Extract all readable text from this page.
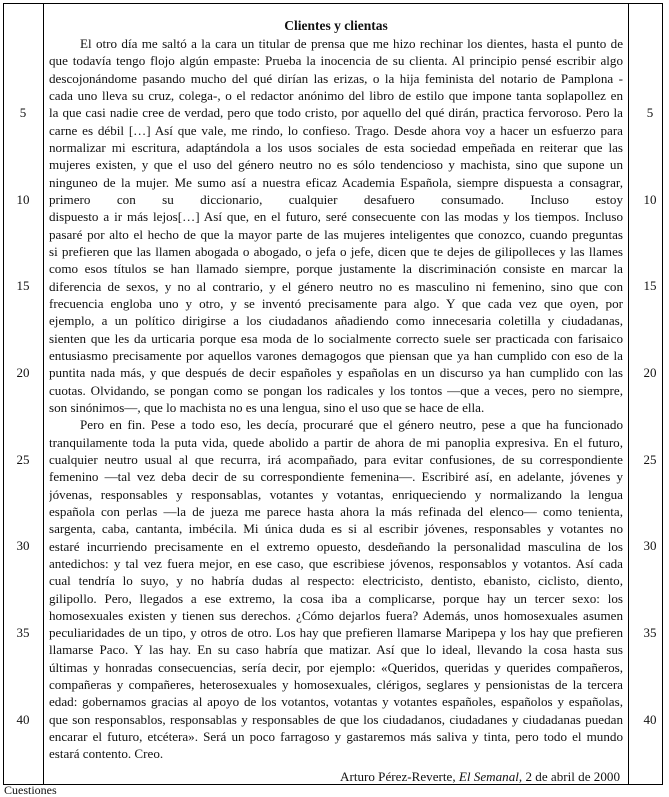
5
10
15
20
25
30
35
40
5
10
15
20
25
30
35
40
Clientes y clientas
El otro día me saltó a la cara un titular de prensa que me hizo rechinar los dientes, hasta el punto de
que todavía tengo flojo algún empaste: Prueba la inocencia de su clienta. Al principio pensé escribir algo
descojonándome pasando mucho del qué dirían las erizas, o la hija feminista del notario de Pamplona -
cada uno lleva su cruz, colega-, o el redactor anónimo del libro de estilo que impone tanta soplapollez en
la que casi nadie cree de verdad, pero que todo cristo, por aquello del qué dirán, practica fervoroso. Pero la
carne es débil […] Así que vale, me rindo, lo confieso. Trago. Desde ahora voy a hacer un esfuerzo para
normalizar mi escritura, adaptándola a los usos sociales de esta sociedad empeñada en reiterar que las
mujeres existen, y que el uso del género neutro no es sólo tendencioso y machista, sino que supone un
ninguneo de la mujer. Me sumo así a nuestra eficaz Academia Española, siempre dispuesta a consagrar,
primero con su diccionario, cualquier desafuero consumado. Incluso estoy
dispuesto a ir más lejos[…] Así que, en el futuro, seré consecuente con las modas y los tiempos. Incluso
pasaré por alto el hecho de que la mayor parte de las mujeres inteligentes que conozco, cuando preguntas
si prefieren que las llamen abogada o abogado, o jefa o jefe, dicen que te dejes de gilipolleces y las llames
como esos títulos se han llamado siempre, porque justamente la discriminación consiste en marcar la
diferencia de sexos, y no al contrario, y el género neutro no es masculino ni femenino, sino que con
frecuencia engloba uno y otro, y se inventó precisamente para algo. Y que cada vez que oyen, por
ejemplo, a un político dirigirse a los ciudadanos añadiendo como innecesaria coletilla y ciudadanas,
sienten que les da urticaria porque esa moda de lo socialmente correcto suele ser practicada con farisaico
entusiasmo precisamente por aquellos varones demagogos que piensan que ya han cumplido con eso de la
puntita nada más, y que después de decir españoles y españolas en un discurso ya han cumplido con las
cuotas. Olvidando, se pongan como se pongan los radicales y los tontos —que a veces, pero no siempre,
son sinónimos—, que lo machista no es una lengua, sino el uso que se hace de ella.
Pero en fin. Pese a todo eso, les decía, procuraré que el género neutro, pese a que ha funcionado
tranquilamente toda la puta vida, quede abolido a partir de ahora de mi panoplia expresiva. En el futuro,
cualquier neutro usual al que recurra, irá acompañado, para evitar confusiones, de su correspondiente
femenino —tal vez deba decir de su correspondiente femenina—. Escribiré así, en adelante, jóvenes y
jóvenas, responsables y responsablas, votantes y votantas, enriqueciendo y normalizando la lengua
española con perlas —la de jueza me parece hasta ahora la más refinada del elenco— como tenienta,
sargenta, caba, cantanta, imbécila. Mi única duda es si al escribir jóvenes, responsables y votantes no
estaré incurriendo precisamente en el extremo opuesto, desdeñando la personalidad masculina de los
antedichos: y tal vez fuera mejor, en ese caso, que escribiese jóvenos, responsablos y votantos. Así cada
cual tendría lo suyo, y no habría dudas al respecto: electricisto, dentisto, ebanisto, ciclisto, diento,
gilipollo. Pero, llegados a ese extremo, la cosa iba a complicarse, porque hay un tercer sexo: los
homosexuales existen y tienen sus derechos. ¿Cómo dejarlos fuera? Además, unos homosexuales asumen
peculiaridades de un tipo, y otros de otro. Los hay que prefieren llamarse Maripepa y los hay que prefieren
llamarse Paco. Y las hay. En su caso habría que matizar. Así que lo ideal, llevando la cosa hasta sus
últimas y honradas consecuencias, sería decir, por ejemplo: «Queridos, queridas y querides compañeros,
compañeras y compañeres, heterosexuales y homosexuales, clérigos, seglares y pensionistas de la tercera
edad: gobernamos gracias al apoyo de los votantos, votantas y votantes españoles, españolos y españolas,
que son responsablos, responsablas y responsables de que los ciudadanos, ciudadanes y ciudadanas puedan
encarar el futuro, etcétera». Será un poco farragoso y gastaremos más saliva y tinta, pero todo el mundo
estará contento. Creo.
Arturo Pérez-Reverte, El Semanal, 2 de abril de 2000
Cuestiones
